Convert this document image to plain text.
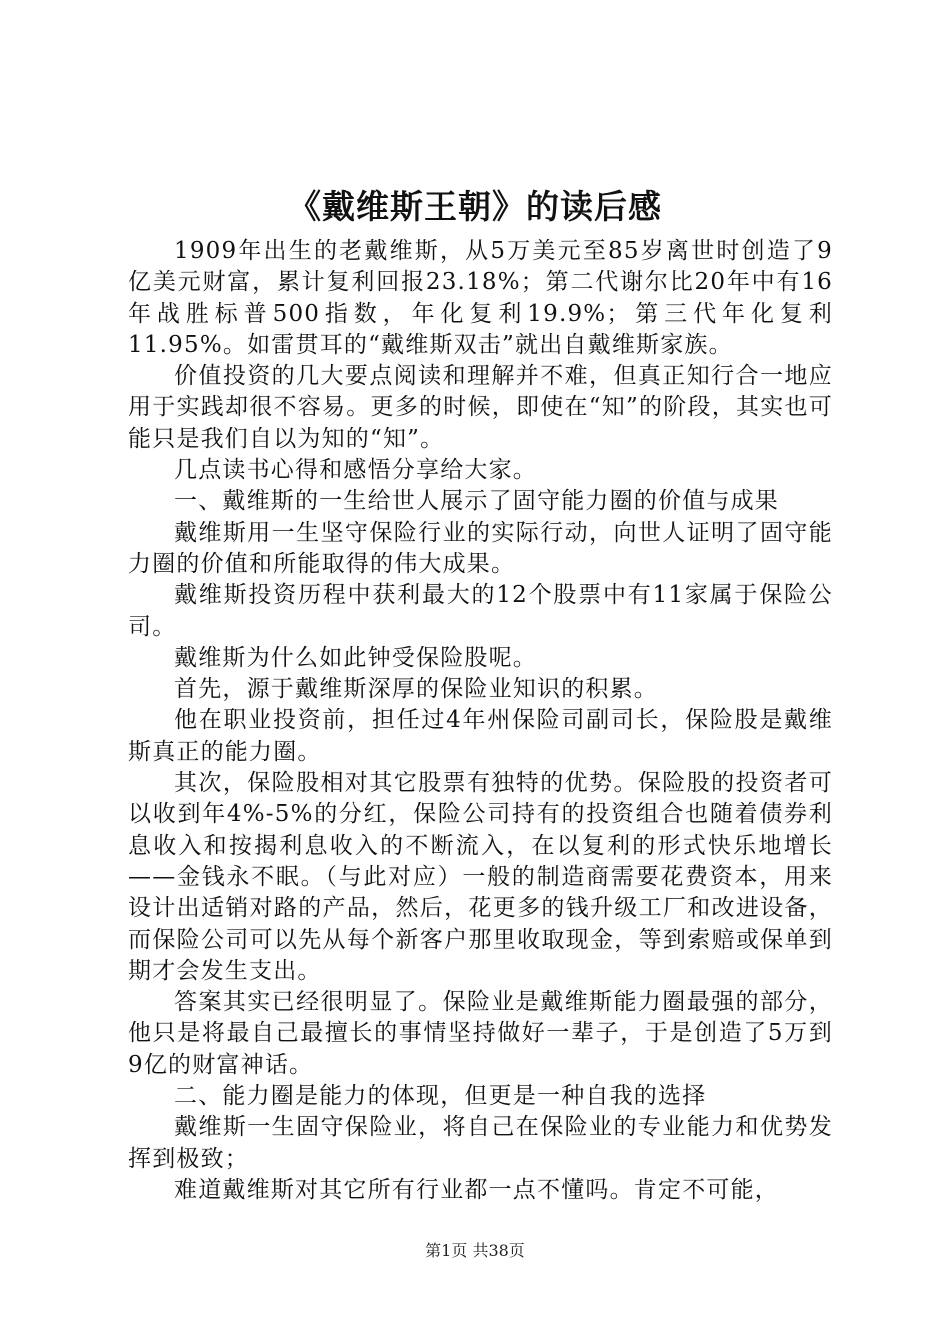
《戴维斯王朝》的读后感

1909年出生的老戴维斯，从5万美元至85岁离世时创造了9亿美元财富，累计复利回报23.18%；第二代谢尔比20年中有16年战胜标普500指数，年化复利19.9%；第三代年化复利11.95%。如雷贯耳的“戴维斯双击”就出自戴维斯家族。

价值投资的几大要点阅读和理解并不难，但真正知行合一地应用于实践却很不容易。更多的时候，即使在“知”的阶段，其实也可能只是我们自以为知的“知”。

几点读书心得和感悟分享给大家。

一、戴维斯的一生给世人展示了固守能力圈的价值与成果

戴维斯用一生坚守保险行业的实际行动，向世人证明了固守能力圈的价值和所能取得的伟大成果。

戴维斯投资历程中获利最大的12个股票中有11家属于保险公司。

戴维斯为什么如此钟受保险股呢。

首先，源于戴维斯深厚的保险业知识的积累。

他在职业投资前，担任过4年州保险司副司长，保险股是戴维斯真正的能力圈。

其次，保险股相对其它股票有独特的优势。保险股的投资者可以收到年4%-5%的分红，保险公司持有的投资组合也随着债券利息收入和按揭利息收入的不断流入，在以复利的形式快乐地增长——金钱永不眠。（与此对应）一般的制造商需要花费资本，用来设计出适销对路的产品，然后，花更多的钱升级工厂和改进设备，而保险公司可以先从每个新客户那里收取现金，等到索赔或保单到期才会发生支出。

答案其实已经很明显了。保险业是戴维斯能力圈最强的部分，他只是将最自己最擅长的事情坚持做好一辈子，于是创造了5万到9亿的财富神话。

二、能力圈是能力的体现，但更是一种自我的选择

戴维斯一生固守保险业，将自己在保险业的专业能力和优势发挥到极致；

难道戴维斯对其它所有行业都一点不懂吗。肯定不可能，

第1页 共38页
